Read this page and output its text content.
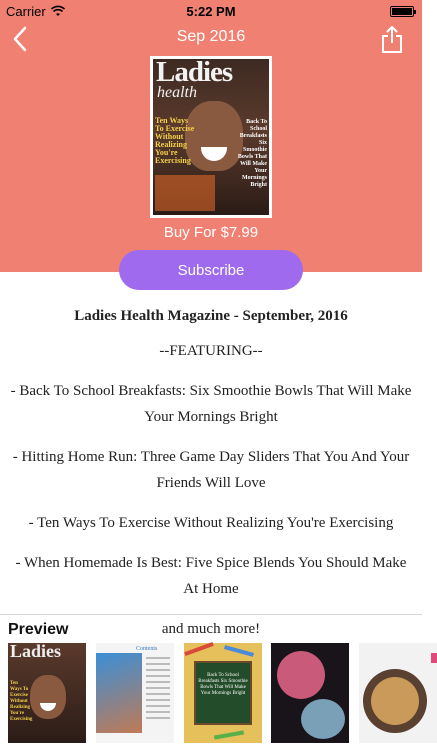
Carrier	5:22 PM
Sep 2016
Ladies
health
Ten Ways To Exercise Without Realizing You're Exercising
Back To School Breakfasts Six Smoothie Bowls That Will Make Your Mornings Bright
Buy For $7.99
Subscribe
Ladies Health Magazine - September, 2016

--FEATURING--

- Back To School Breakfasts: Six Smoothie Bowls That Will Make Your Mornings Bright

- Hitting Home Run: Three Game Day Sliders That You And Your Friends Will Love

- Ten Ways To Exercise Without Realizing You're Exercising

- When Homemade Is Best: Five Spice Blends You Should Make At Home

and much more!

Preview
Ladies
Ten Ways To Exercise Without Realizing You're Exercising
Contents
Back To School Breakfasts Six Smoothie Bowls That Will Make Your Mornings Bright
